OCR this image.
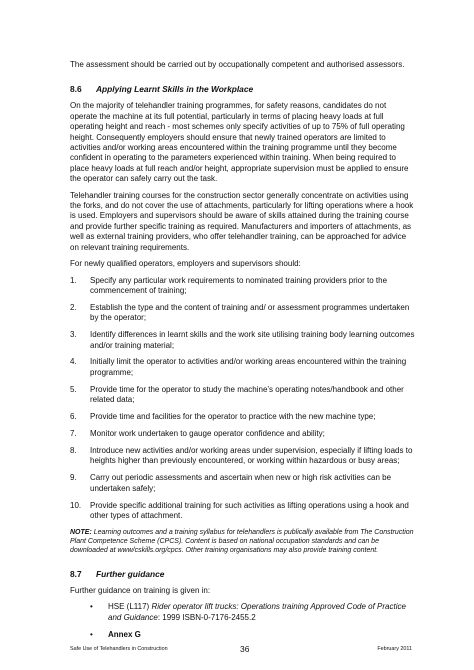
The assessment should be carried out by occupationally competent and authorised assessors.

8.6 Applying Learnt Skills in the Workplace

On the majority of telehandler training programmes, for safety reasons, candidates do not operate the machine at its full potential, particularly in terms of placing heavy loads at full operating height and reach - most schemes only specify activities of up to 75% of full operating height. Consequently employers should ensure that newly trained operators are limited to activities and/or working areas encountered within the training programme until they become confident in operating to the parameters experienced within training. When being required to place heavy loads at full reach and/or height, appropriate supervision must be applied to ensure the operator can safely carry out the task.

Telehandler training courses for the construction sector generally concentrate on activities using the forks, and do not cover the use of attachments, particularly for lifting operations where a hook is used. Employers and supervisors should be aware of skills attained during the training course and provide further specific training as required. Manufacturers and importers of attachments, as well as external training providers, who offer telehandler training, can be approached for advice on relevant training requirements.

For newly qualified operators, employers and supervisors should:

1. Specify any particular work requirements to nominated training providers prior to the commencement of training;
2. Establish the type and the content of training and/ or assessment programmes undertaken by the operator;
3. Identify differences in learnt skills and the work site utilising training body learning outcomes and/or training material;
4. Initially limit the operator to activities and/or working areas encountered within the training programme;
5. Provide time for the operator to study the machine’s operating notes/handbook and other related data;
6. Provide time and facilities for the operator to practice with the new machine type;
7. Monitor work undertaken to gauge operator confidence and ability;
8. Introduce new activities and/or working areas under supervision, especially if lifting loads to heights higher than previously encountered, or working within hazardous or busy areas;
9. Carry out periodic assessments and ascertain when new or high risk activities can be undertaken safely;
10. Provide specific additional training for such activities as lifting operations using a hook and other types of attachment.

NOTE: Learning outcomes and a training syllabus for telehandlers is publically available from The Construction Plant Competence Scheme (CPCS). Content is based on national occupation standards and can be downloaded at www/cskills.org/cpcs. Other training organisations may also provide training content.

8.7 Further guidance

Further guidance on training is given in:

• HSE (L117) Rider operator lift trucks: Operations training Approved Code of Practice and Guidance: 1999 ISBN-0-7176-2455.2
• Annex G
Safe Use of Telehandlers in Construction	36	February 2011
